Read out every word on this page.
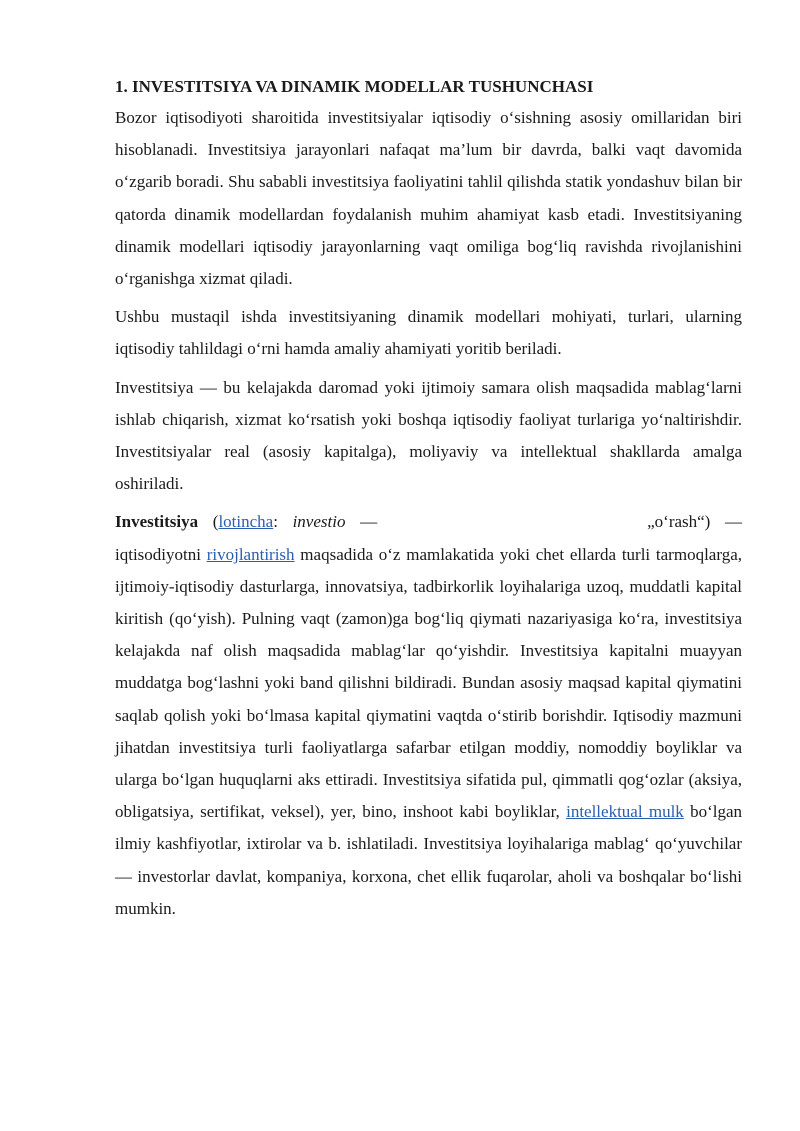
1. INVESTITSIYA VA DINAMIK MODELLAR TUSHUNCHASI

Bozor iqtisodiyoti sharoitida investitsiyalar iqtisodiy o‘sishning asosiy omillaridan biri hisoblanadi. Investitsiya jarayonlari nafaqat ma’lum bir davrda, balki vaqt davomida o‘zgarib boradi. Shu sababli investitsiya faoliyatini tahlil qilishda statik yondashuv bilan bir qatorda dinamik modellardan foydalanish muhim ahamiyat kasb etadi. Investitsiyaning dinamik modellari iqtisodiy jarayonlarning vaqt omiliga bog‘liq ravishda rivojlanishini o‘rganishga xizmat qiladi.

Ushbu mustaqil ishda investitsiyaning dinamik modellari mohiyati, turlari, ularning iqtisodiy tahlildagi o‘rni hamda amaliy ahamiyati yoritib beriladi.

Investitsiya — bu kelajakda daromad yoki ijtimoiy samara olish maqsadida mablag‘larni ishlab chiqarish, xizmat ko‘rsatish yoki boshqa iqtisodiy faoliyat turlariga yo‘naltirishdir. Investitsiyalar real (asosiy kapitalga), moliyaviy va intellektual shakllarda amalga oshiriladi.

Investitsiya (lotincha: investio —	„o‘rash“) — iqtisodiyotni rivojlantirish maqsadida o‘z mamlakatida yoki chet ellarda turli tarmoqlarga, ijtimoiy-iqtisodiy dasturlarga, innovatsiya, tadbirkorlik loyihalariga uzoq, muddatli kapital kiritish (qo‘yish). Pulning vaqt (zamon)ga bog‘liq qiymati nazariyasiga ko‘ra, investitsiya kelajakda naf olish maqsadida mablag‘lar qo‘yishdir. Investitsiya kapitalni muayyan muddatga bog‘lashni yoki band qilishni bildiradi. Bundan asosiy maqsad kapital qiymatini saqlab qolish yoki bo‘lmasa kapital qiymatini vaqtda o‘stirib borishdir. Iqtisodiy mazmuni jihatdan investitsiya turli faoliyatlarga safarbar etilgan moddiy, nomoddiy boyliklar va ularga bo‘lgan huquqlarni aks ettiradi. Investitsiya sifatida pul, qimmatli qog‘ozlar (aksiya, obligatsiya, sertifikat, veksel), yer, bino, inshoot kabi boyliklar, intellektual mulk bo‘lgan ilmiy kashfiyotlar, ixtirolar va b. ishlatiladi. Investitsiya loyihalariga mablag‘ qo‘yuvchilar — investorlar davlat, kompaniya, korxona, chet ellik fuqarolar, aholi va boshqalar bo‘lishi mumkin.
